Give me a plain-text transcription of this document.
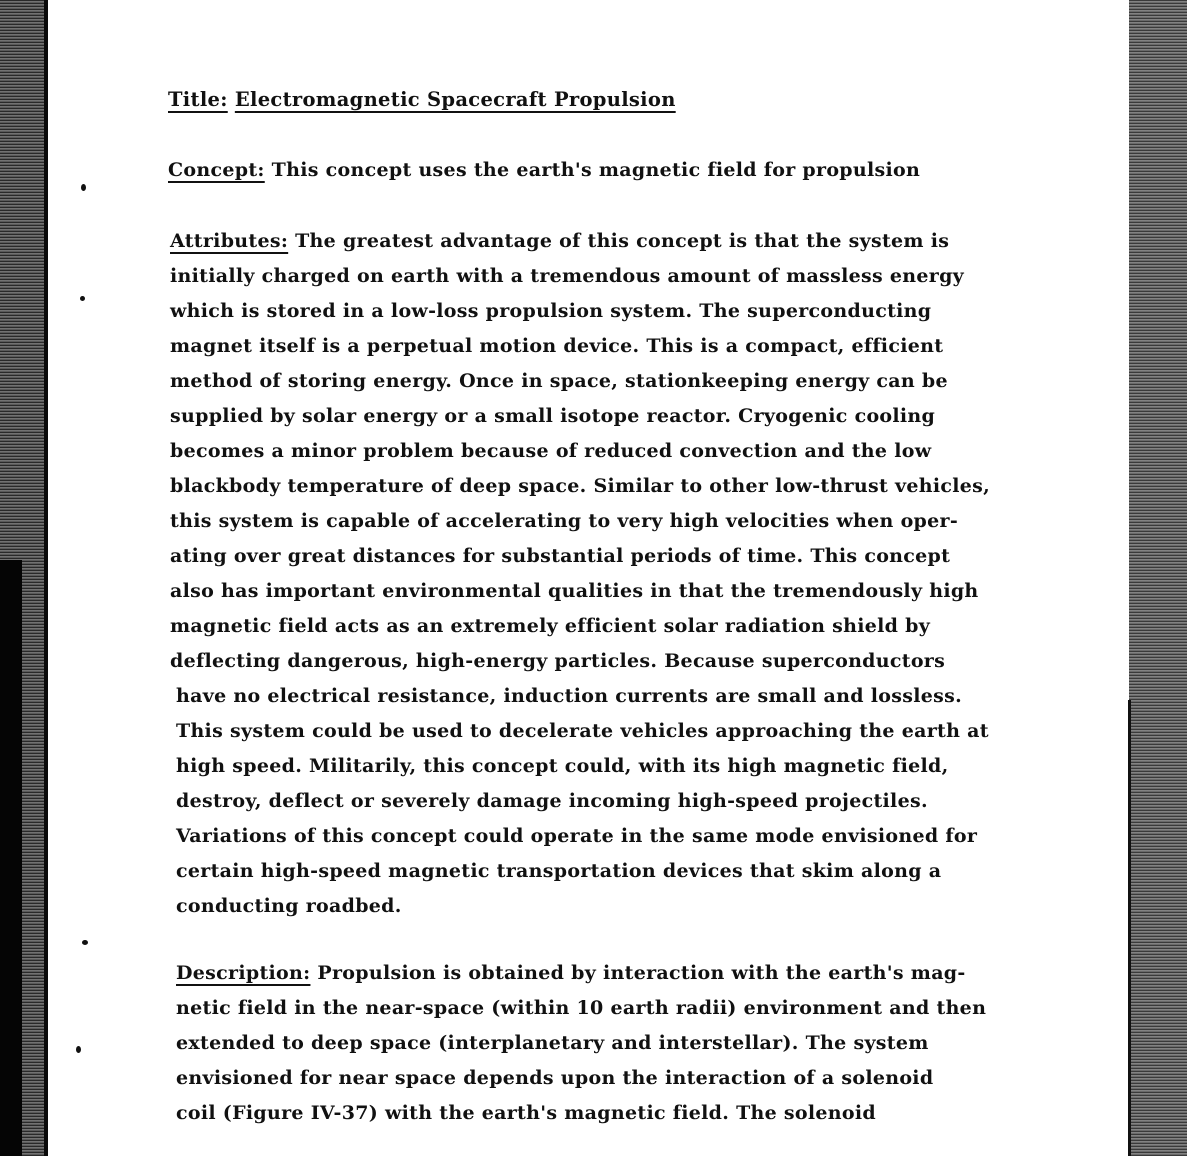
Title: Electromagnetic Spacecraft Propulsion
Concept: This concept uses the earth's magnetic field for propulsion
Attributes: The greatest advantage of this concept is that the system is
initially charged on earth with a tremendous amount of massless energy
which is stored in a low-loss propulsion system. The superconducting
magnet itself is a perpetual motion device. This is a compact, efficient
method of storing energy. Once in space, stationkeeping energy can be
supplied by solar energy or a small isotope reactor. Cryogenic cooling
becomes a minor problem because of reduced convection and the low
blackbody temperature of deep space. Similar to other low-thrust vehicles,
this system is capable of accelerating to very high velocities when oper-
ating over great distances for substantial periods of time. This concept
also has important environmental qualities in that the tremendously high
magnetic field acts as an extremely efficient solar radiation shield by
deflecting dangerous, high-energy particles. Because superconductors
have no electrical resistance, induction currents are small and lossless.
This system could be used to decelerate vehicles approaching the earth at
high speed. Militarily, this concept could, with its high magnetic field,
destroy, deflect or severely damage incoming high-speed projectiles.
Variations of this concept could operate in the same mode envisioned for
certain high-speed magnetic transportation devices that skim along a
conducting roadbed.
Description: Propulsion is obtained by interaction with the earth's mag-
netic field in the near-space (within 10 earth radii) environment and then
extended to deep space (interplanetary and interstellar). The system
envisioned for near space depends upon the interaction of a solenoid
coil (Figure IV-37) with the earth's magnetic field. The solenoid
